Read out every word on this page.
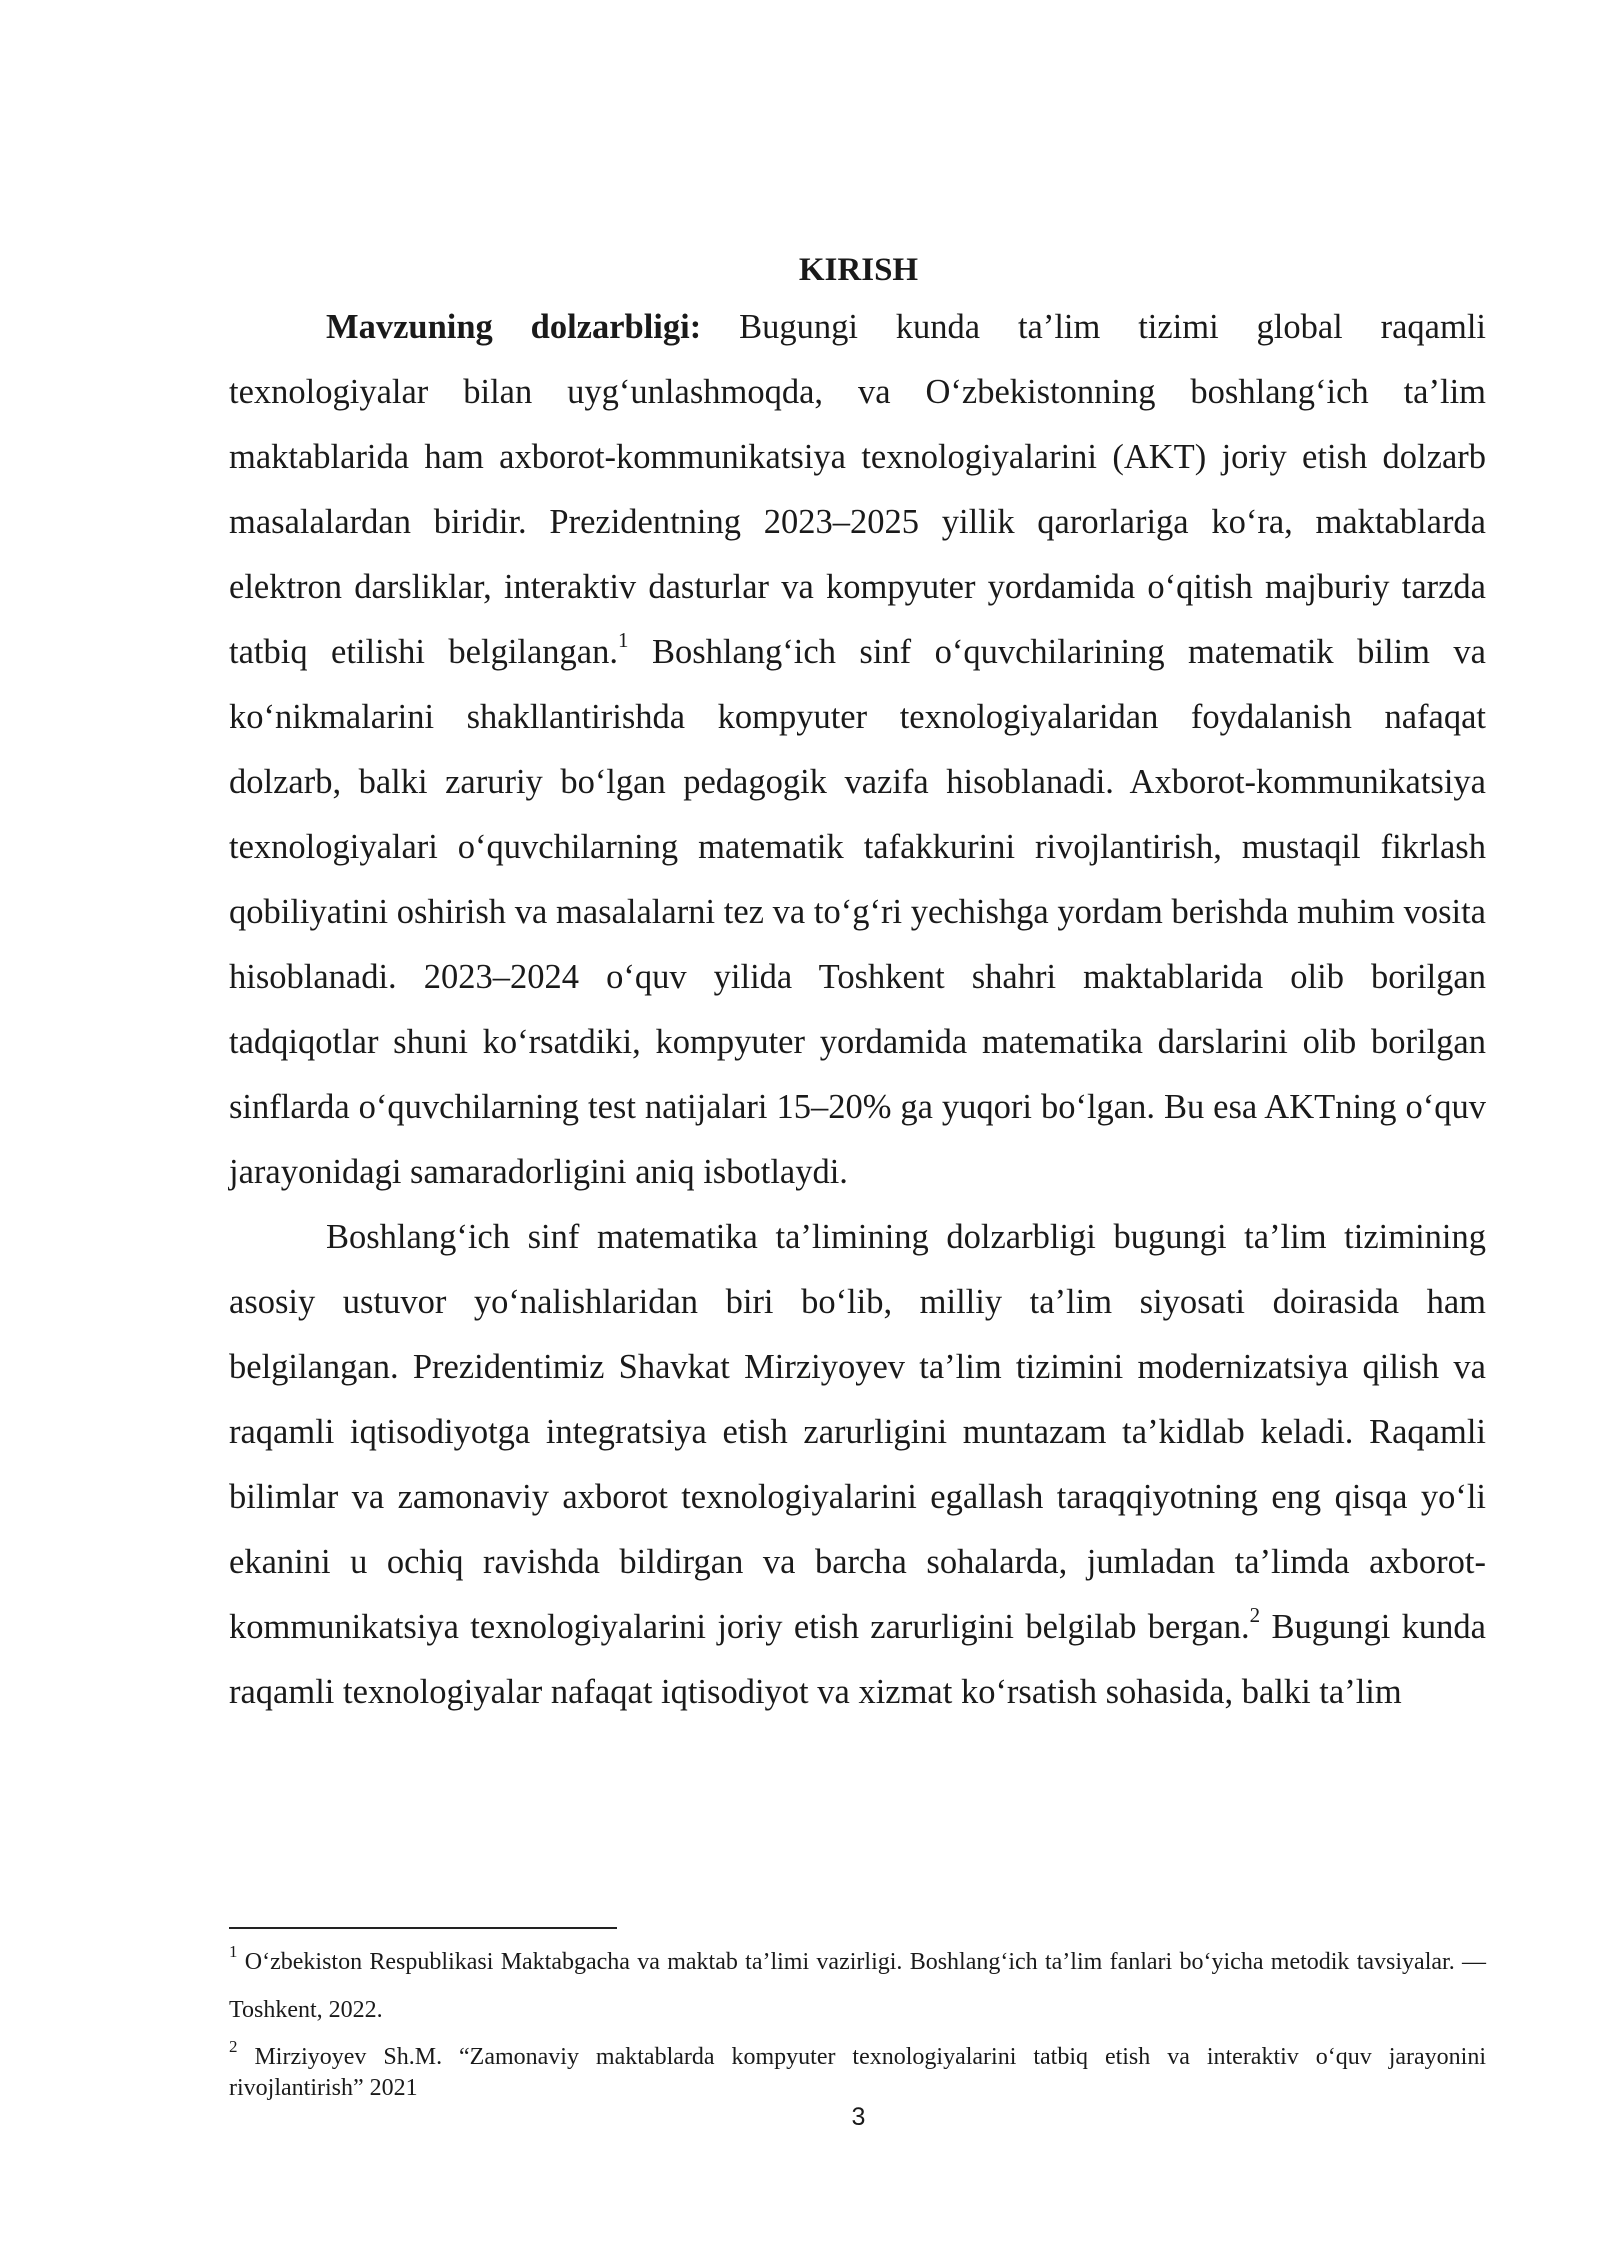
KIRISH

Mavzuning dolzarbligi: Bugungi kunda ta’lim tizimi global raqamli texnologiyalar bilan uyg‘unlashmoqda, va O‘zbekistonning boshlang‘ich ta’lim maktablarida ham axborot-kommunikatsiya texnologiyalarini (AKT) joriy etish dolzarb masalalardan biridir. Prezidentning 2023–2025 yillik qarorlariga ko‘ra, maktablarda elektron darsliklar, interaktiv dasturlar va kompyuter yordamida o‘qitish majburiy tarzda tatbiq etilishi belgilangan.$^1$ Boshlang‘ich sinf o‘quvchilarining matematik bilim va ko‘nikmalarini shakllantirishda kompyuter texnologiyalaridan foydalanish nafaqat dolzarb, balki zaruriy bo‘lgan pedagogik vazifa hisoblanadi. Axborot-kommunikatsiya texnologiyalari o‘quvchilarning matematik tafakkurini rivojlantirish, mustaqil fikrlash qobiliyatini oshirish va masalalarni tez va to‘g‘ri yechishga yordam berishda muhim vosita hisoblanadi. 2023–2024 o‘quv yilida Toshkent shahri maktablarida olib borilgan tadqiqotlar shuni ko‘rsatdiki, kompyuter yordamida matematika darslarini olib borilgan sinflarda o‘quvchilarning test natijalari 15–20% ga yuqori bo‘lgan. Bu esa AKTning o‘quv jarayonidagi samaradorligini aniq isbotlaydi.

Boshlang‘ich sinf matematika ta’limining dolzarbligi bugungi ta’lim tizimining asosiy ustuvor yo‘nalishlaridan biri bo‘lib, milliy ta’lim siyosati doirasida ham belgilangan. Prezidentimiz Shavkat Mirziyoyev ta’lim tizimini modernizatsiya qilish va raqamli iqtisodiyotga integratsiya etish zarurligini muntazam ta’kidlab keladi. Raqamli bilimlar va zamonaviy axborot texnologiyalarini egallash taraqqiyotning eng qisqa yo‘li ekanini u ochiq ravishda bildirgan va barcha sohalarda, jumladan ta’limda axborot-kommunikatsiya texnologiyalarini joriy etish zarurligini belgilab bergan.$^2$ Bugungi kunda raqamli texnologiyalar nafaqat iqtisodiyot va xizmat ko‘rsatish sohasida, balki ta’lim

$^1$ O‘zbekiston Respublikasi Maktabgacha va maktab ta’limi vazirligi. Boshlang‘ich ta’lim fanlari bo‘yicha metodik tavsiyalar. — Toshkent, 2022.

$^2$ Mirziyoyev Sh.M. “Zamonaviy maktablarda kompyuter texnologiyalarini tatbiq etish va interaktiv o‘quv jarayonini rivojlantirish” 2021

3
